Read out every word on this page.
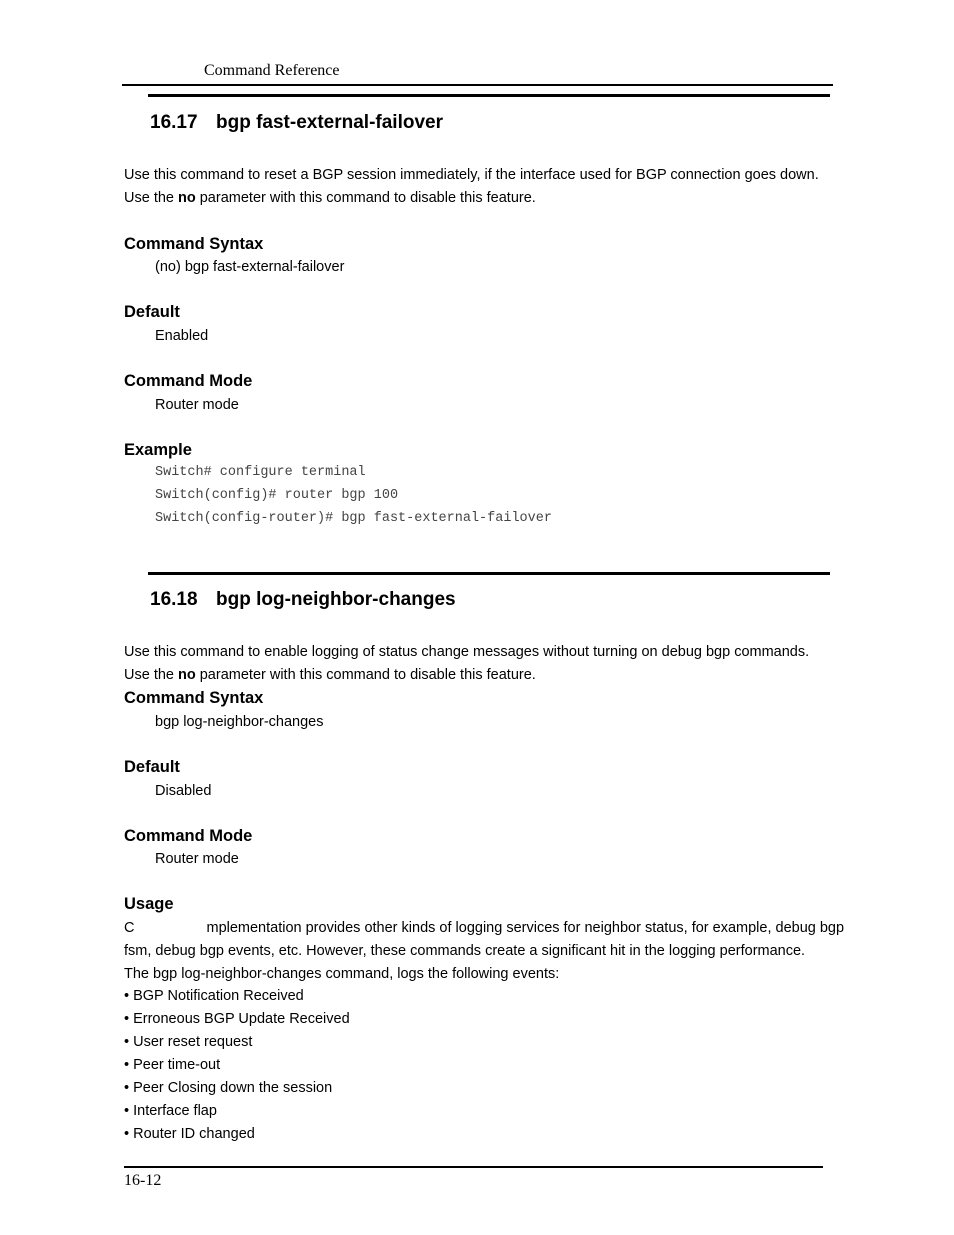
Command Reference
16.17 bgp fast-external-failover
Use this command to reset a BGP session immediately, if the interface used for BGP connection goes down.
Use the no parameter with this command to disable this feature.
Command Syntax
(no) bgp fast-external-failover
Default
Enabled
Command Mode
Router mode
Example
Switch# configure terminal
Switch(config)# router bgp 100
Switch(config-router)# bgp fast-external-failover
16.18 bgp log-neighbor-changes
Use this command to enable logging of status change messages without turning on debug bgp commands.
Use the no parameter with this command to disable this feature.
Command Syntax
bgp log-neighbor-changes
Default
Disabled
Command Mode
Router mode
Usage
C	mplementation provides other kinds of logging services for neighbor status, for example, debug bgp
fsm, debug bgp events, etc. However, these commands create a significant hit in the logging performance.
The bgp log-neighbor-changes command, logs the following events:
• BGP Notification Received
• Erroneous BGP Update Received
• User reset request
• Peer time-out
• Peer Closing down the session
• Interface flap
• Router ID changed
16-12
